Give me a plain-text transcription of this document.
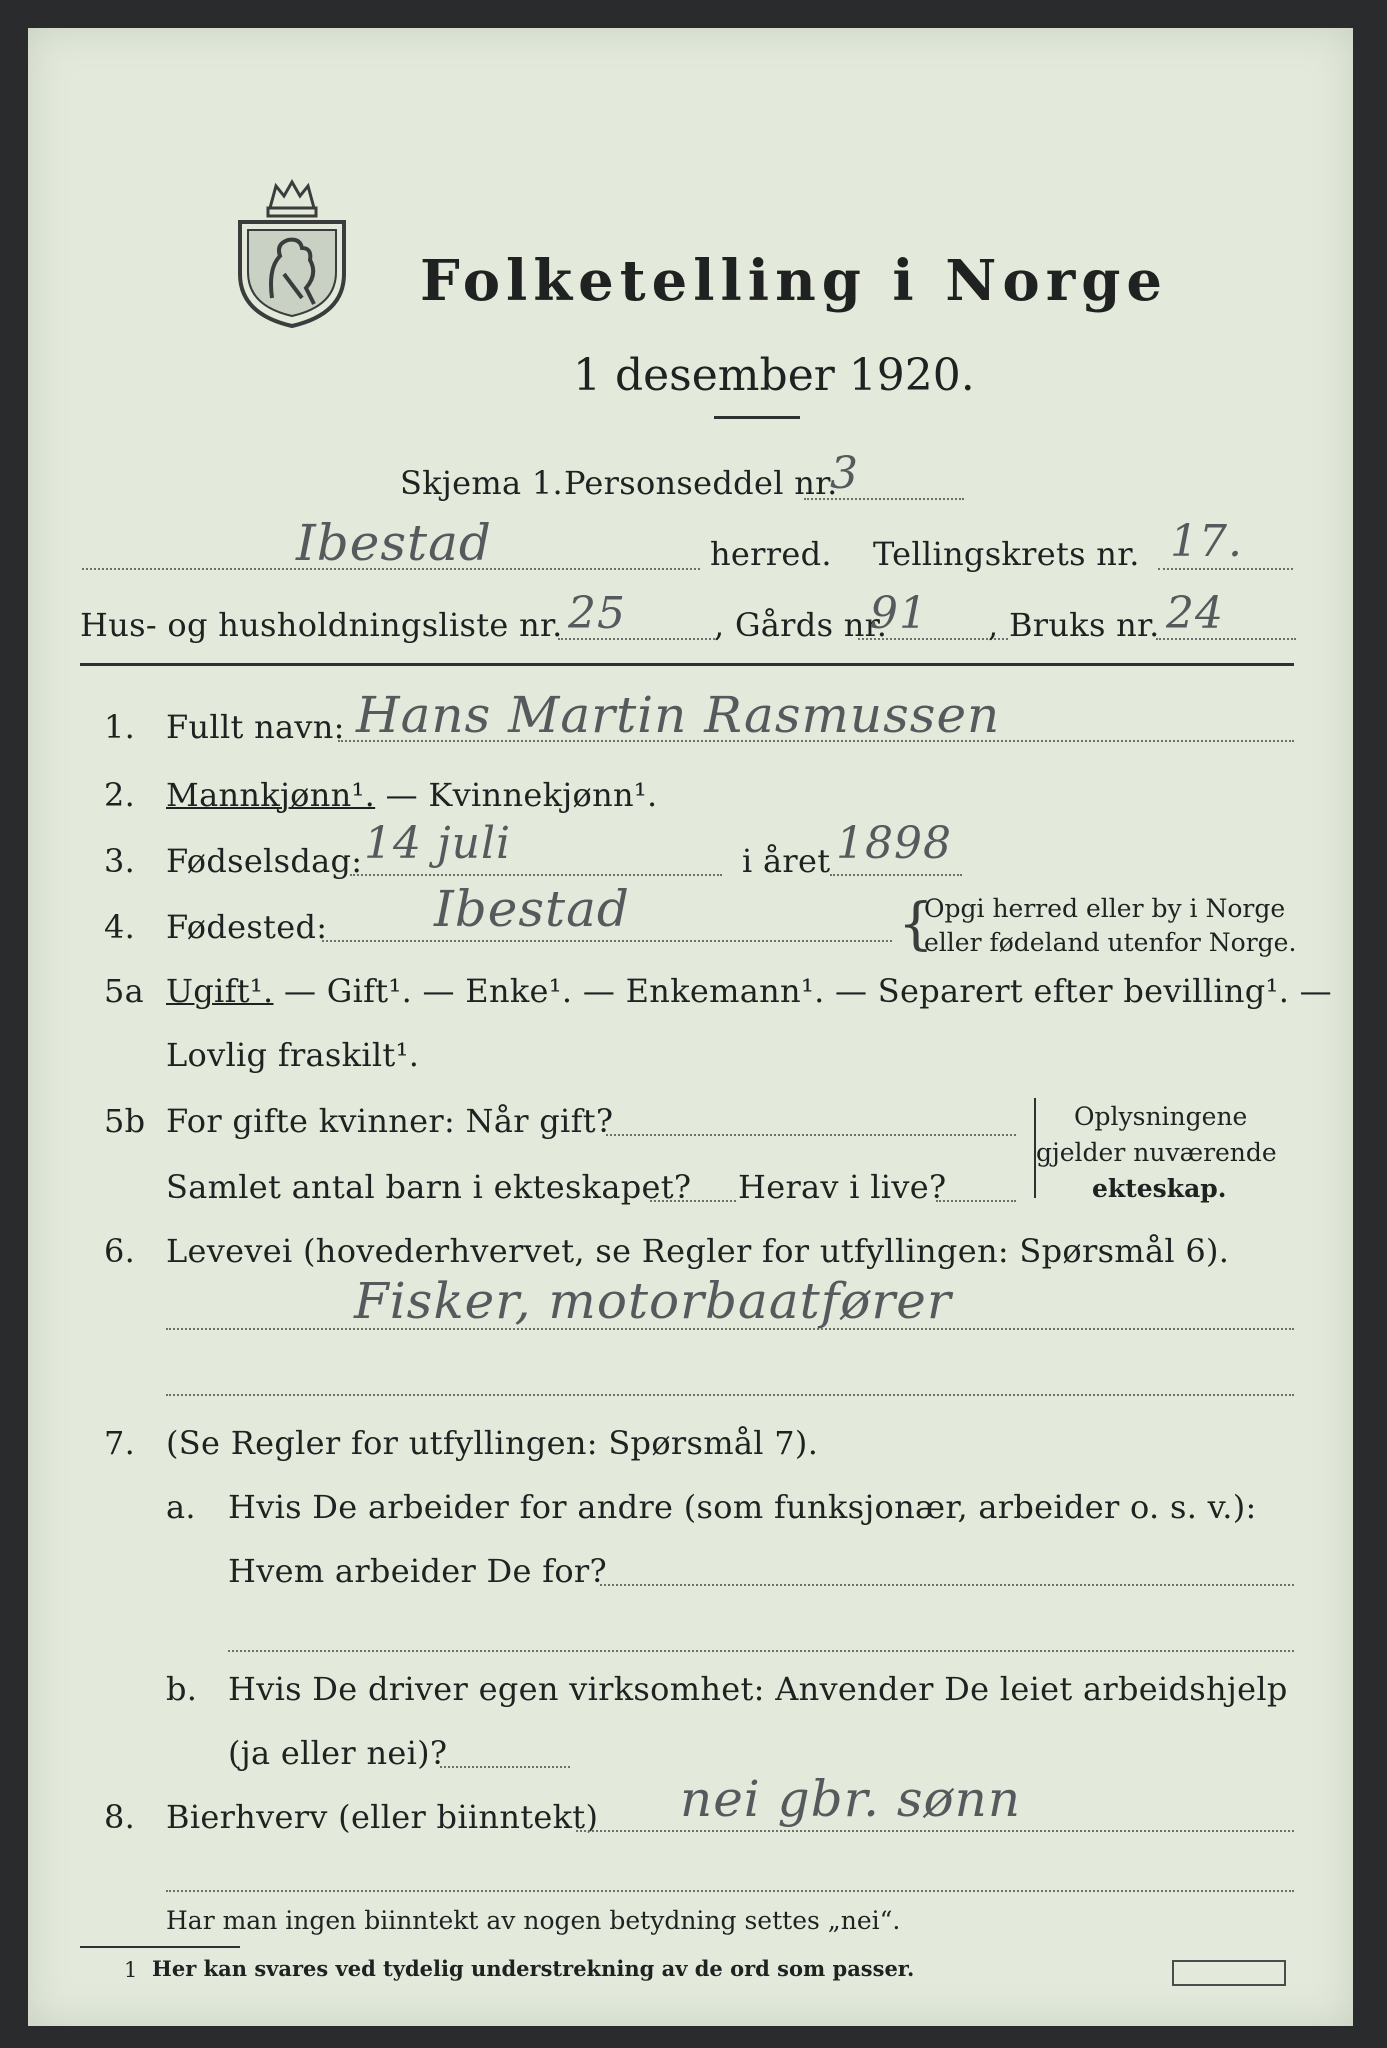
Folketelling i Norge
1 desember 1920.
Skjema 1. Personseddel nr.
3
Ibestad	herred. Tellingskrets nr. 17.
Hus- og husholdningsliste nr. 25	, Gårds nr.
91 , Bruks nr. 24
1. Fullt navn: Hans Martin Rasmussen
2. Mannkjønn¹. — Kvinnekjønn¹.
3. Fødselsdag: 14 juli	i året 1898
4. Fødested: Ibestad	{
Opgi herred eller by i Norge
eller fødeland utenfor Norge.
5a Ugift¹. — Gift¹. — Enke¹. — Enkemann¹. — Separert efter bevilling¹. —
Lovlig fraskilt¹.
5b For gifte kvinner: Når gift?
Samlet antal barn i ekteskapet? Herav i live?
Oplysningene
gjelder nuværende
ekteskap.
6. Levevei (hovederhvervet, se Regler for utfyllingen: Spørsmål 6).
Fisker, motorbaatfører
7. (Se Regler for utfyllingen: Spørsmål 7).
a. Hvis De arbeider for andre (som funksjonær, arbeider o. s. v.):
Hvem arbeider De for?
b. Hvis De driver egen virksomhet: Anvender De leiet arbeidshjelp
(ja eller nei)?
8. Bierhverv (eller biinntekt) nei gbr. sønn
Har man ingen biinntekt av nogen betydning settes „nei“.
1 Her kan svares ved tydelig understrekning av de ord som passer.
